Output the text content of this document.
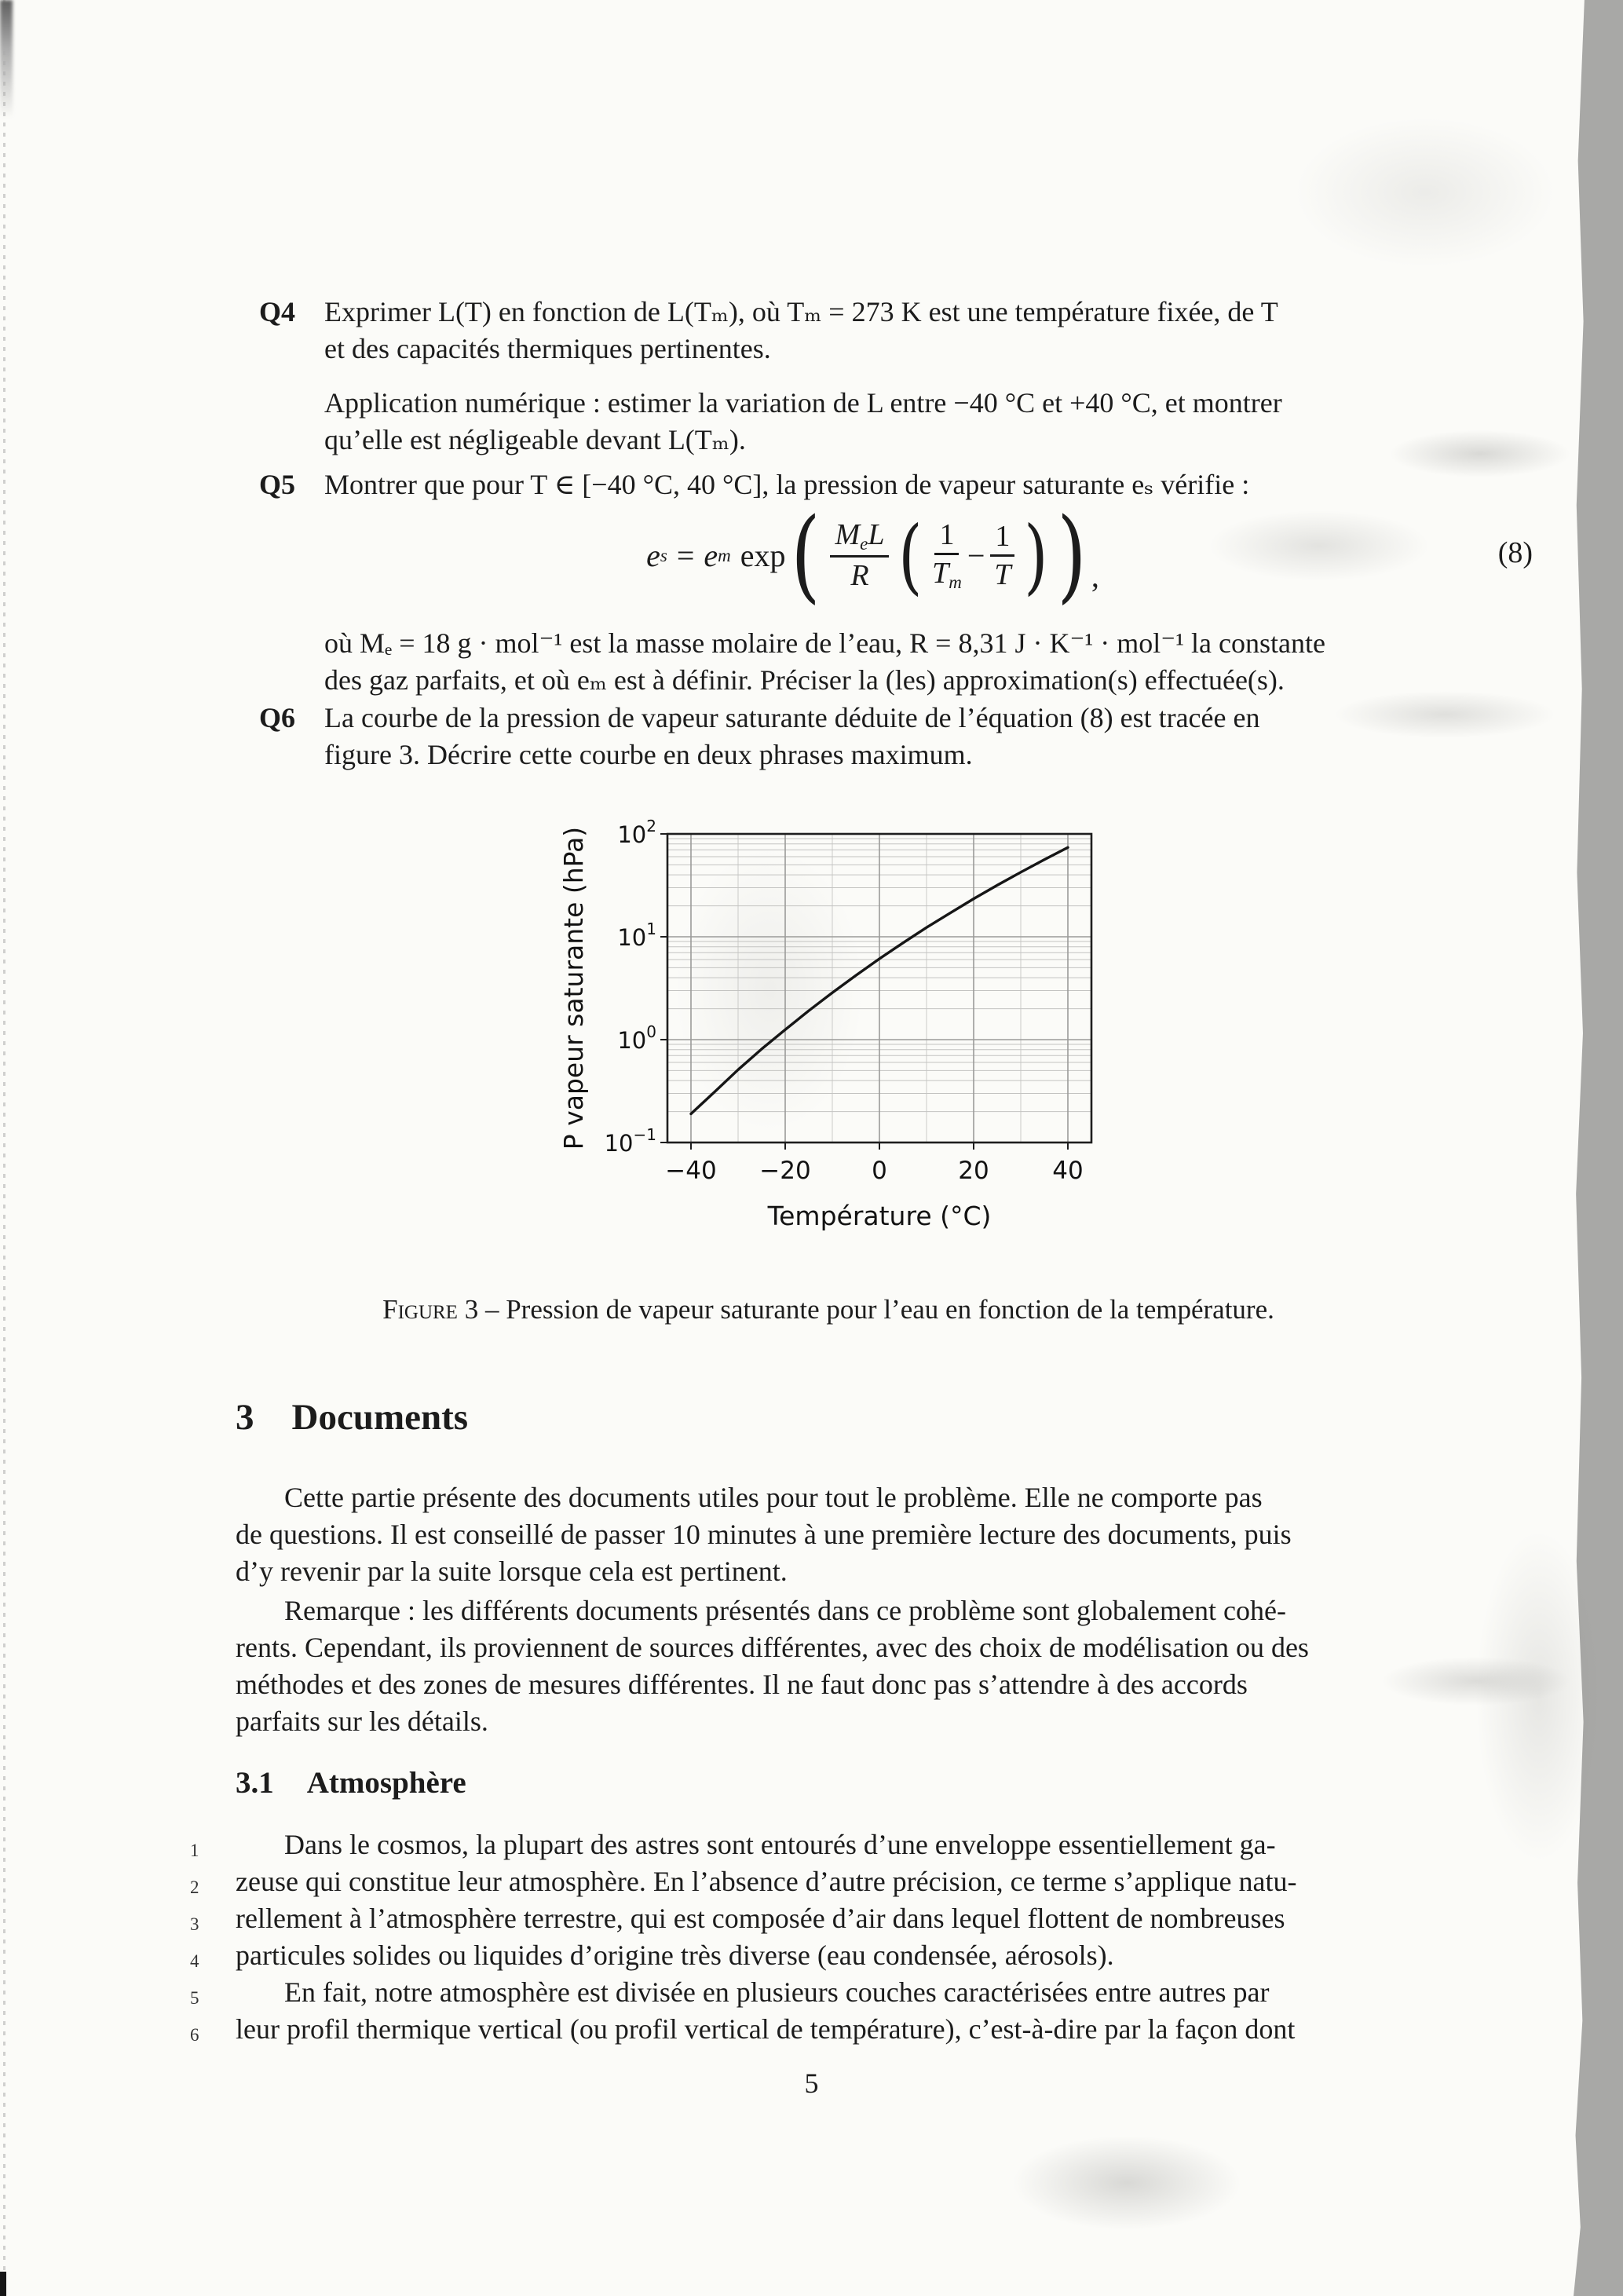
Q4 Exprimer L(T) en fonction de L(Tₘ), où Tₘ = 273 K est une température fixée, de T
et des capacités thermiques pertinentes.
Application numérique : estimer la variation de L entre −40 °C et +40 °C, et montrer
qu’elle est négligeable devant L(Tₘ).
Q5 Montrer que pour T ∈ [−40 °C, 40 °C], la pression de vapeur saturante eₛ vérifie :
e s = e m exp ( $\frac{\text{MeL}}{R}$ ( $\frac{1}{Tm} - \frac{1}{T}$ ) ) ,
(8)
où Mₑ = 18 g · mol⁻¹ est la masse molaire de l’eau, R = 8,31 J · K⁻¹ · mol⁻¹ la constante
des gaz parfaits, et où eₘ est à définir. Préciser la (les) approximation(s) effectuée(s).
Q6 La courbe de la pression de vapeur saturante déduite de l’équation (8) est tracée en
figure 3. Décrire cette courbe en deux phrases maximum.
−40 −20 0	20	40
$10^{-1}$
$10^0$
$10^1$
$10^2$
Température (°C)
P vapeur saturante (hPa)
Figure 3 – Pression de vapeur saturante pour l’eau en fonction de la température.
3 Documents
Cette partie présente des documents utiles pour tout le problème. Elle ne comporte pas
de questions. Il est conseillé de passer 10 minutes à une première lecture des documents, puis
d’y revenir par la suite lorsque cela est pertinent.
Remarque : les différents documents présentés dans ce problème sont globalement cohé-
rents. Cependant, ils proviennent de sources différentes, avec des choix de modélisation ou des
méthodes et des zones de mesures différentes. Il ne faut donc pas s’attendre à des accords
parfaits sur les détails.
3.1 Atmosphère
1	Dans le cosmos, la plupart des astres sont entourés d’une enveloppe essentiellement ga-
2 zeuse qui constitue leur atmosphère. En l’absence d’autre précision, ce terme s’applique natu-
3 rellement à l’atmosphère terrestre, qui est composée d’air dans lequel flottent de nombreuses
4 particules solides ou liquides d’origine très diverse (eau condensée, aérosols).
5	En fait, notre atmosphère est divisée en plusieurs couches caractérisées entre autres par
6 leur profil thermique vertical (ou profil vertical de température), c’est-à-dire par la façon dont
5
